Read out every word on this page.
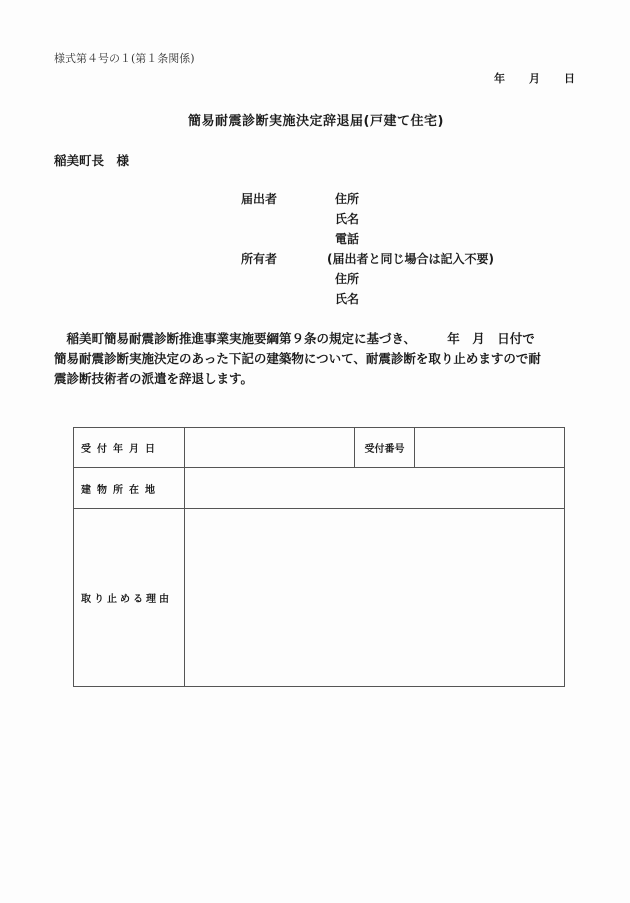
様式第４号の１(第１条関係)
年 月 日
簡易耐震診断実施決定辞退届(戸建て住宅)
稲美町長　様
届出者	住所
氏名
電話
所有者	(届出者と同じ場合は記入不要)
住所
氏名
　稲美町簡易耐震診断推進事業実施要綱第９条の規定に基づき、　　　年　月　日付で
簡易耐震診断実施決定のあった下記の建築物について、耐震診断を取り止めますので耐
震診断技術者の派遣を辞退します。
受付年月日		受付番号	
建物所在地			
取り止める理由			
